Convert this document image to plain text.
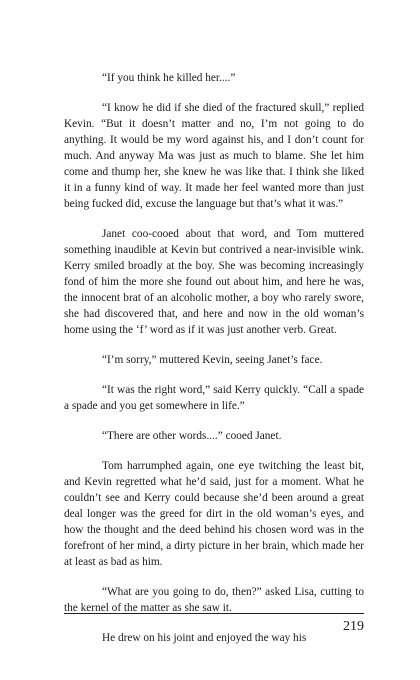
“If you think he killed her....”

“I know he did if she died of the fractured skull,” replied Kevin. “But it doesn’t matter and no, I’m not going to do anything. It would be my word against his, and I don’t count for much. And anyway Ma was just as much to blame. She let him come and thump her, she knew he was like that. I think she liked it in a funny kind of way. It made her feel wanted more than just being fucked did, excuse the language but that’s what it was.”

Janet coo-cooed about that word, and Tom muttered something inaudible at Kevin but contrived a near-invisible wink. Kerry smiled broadly at the boy. She was becoming increasingly fond of him the more she found out about him, and here he was, the innocent brat of an alcoholic mother, a boy who rarely swore, she had discovered that, and here and now in the old woman’s home using the ‘f’ word as if it was just another verb. Great.

“I’m sorry,” muttered Kevin, seeing Janet’s face.

“It was the right word,” said Kerry quickly. “Call a spade a spade and you get somewhere in life.”

“There are other words....” cooed Janet.

Tom harrumphed again, one eye twitching the least bit, and Kevin regretted what he’d said, just for a moment. What he couldn’t see and Kerry could because she’d been around a great deal longer was the greed for dirt in the old woman’s eyes, and how the thought and the deed behind his chosen word was in the forefront of her mind, a dirty picture in her brain, which made her at least as bad as him.

“What are you going to do, then?” asked Lisa, cutting to the kernel of the matter as she saw it.

He drew on his joint and enjoyed the way his

219
